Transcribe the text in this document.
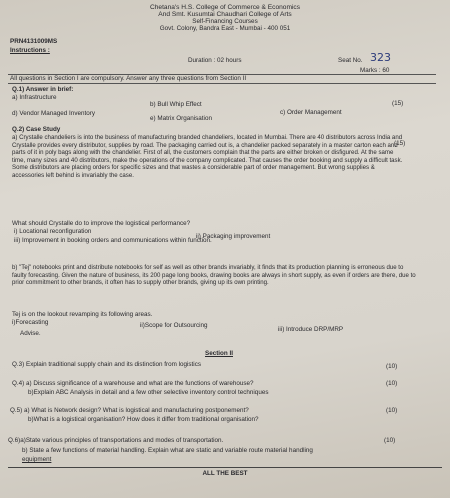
Chetana's H.S. College of Commerce & Economics
And Smt. Kusumtai Chaudhari College of Arts
Self-Financing Courses
Govt. Colony, Bandra East - Mumbai - 400 051
PRN4131009MS
Instructions :
Duration : 02 hours	Seat No. 323
Marks : 60
All questions in Section I are compulsory. Answer any three questions from Section II
Q.1) Answer in brief:
a) Infrastructure
b) Bull Whip Effect
c) Order Management
(15)
d) Vendor Managed Inventory
e) Matrix Organisation
Q.2) Case Study
(15)
a) Crystalle chandeliers is into the business of manufacturing branded chandeliers, located in Mumbai. There are 40 distributors across India and Crystalle provides every distributor, supplies by road. The packaging carried out is, a chandelier packed separately in a master carton each and parts of it in poly bags along with the chandelier. First of all, the customers complain that the parts are either broken or disfigured. At the same time, many sizes and 40 distributors, make the operations of the company complicated. That causes the order booking and supply a difficult task. Some distributors are placing orders for specific sizes and that wastes a considerable part of order management. But wrong supplies & accessories left behind is invariably the case.
What should Crystalle do to improve the logistical performance?
i) Locational reconfiguration
ii) Packaging improvement
iii) Improvement in booking orders and communications within function.
b) "Tej" notebooks print and distribute notebooks for self as well as other brands invariably, it finds that its production planning is erroneous due to faulty forecasting. Given the nature of business, its 200 page long books, drawing books are always in short supply, as even if orders are there, due to prior commitment to other brands, it often has to supply other brands, giving up its own printing.
Tej is on the lookout revamping its following areas.
i)Forecasting	ii)Scope for Outsourcing
iii) Introduce DRP/MRP
Advise.
Section II
Q.3) Explain traditional supply chain and its distinction from logistics	(10)
Q.4) a) Discuss significance of a warehouse and what are the functions of warehouse?	(10)
b)Explain ABC Analysis in detail and a few other selective inventory control techniques
Q.5) a) What is Network design? What is logistical and manufacturing postponement?	(10)
b)What is a logistical organisation? How does it differ from traditional organisation?
Q.6)a)State various principles of transportations and modes of transportation.	(10)
b) State a few functions of material handling. Explain what are static and variable route material handling
equipment
ALL THE BEST
